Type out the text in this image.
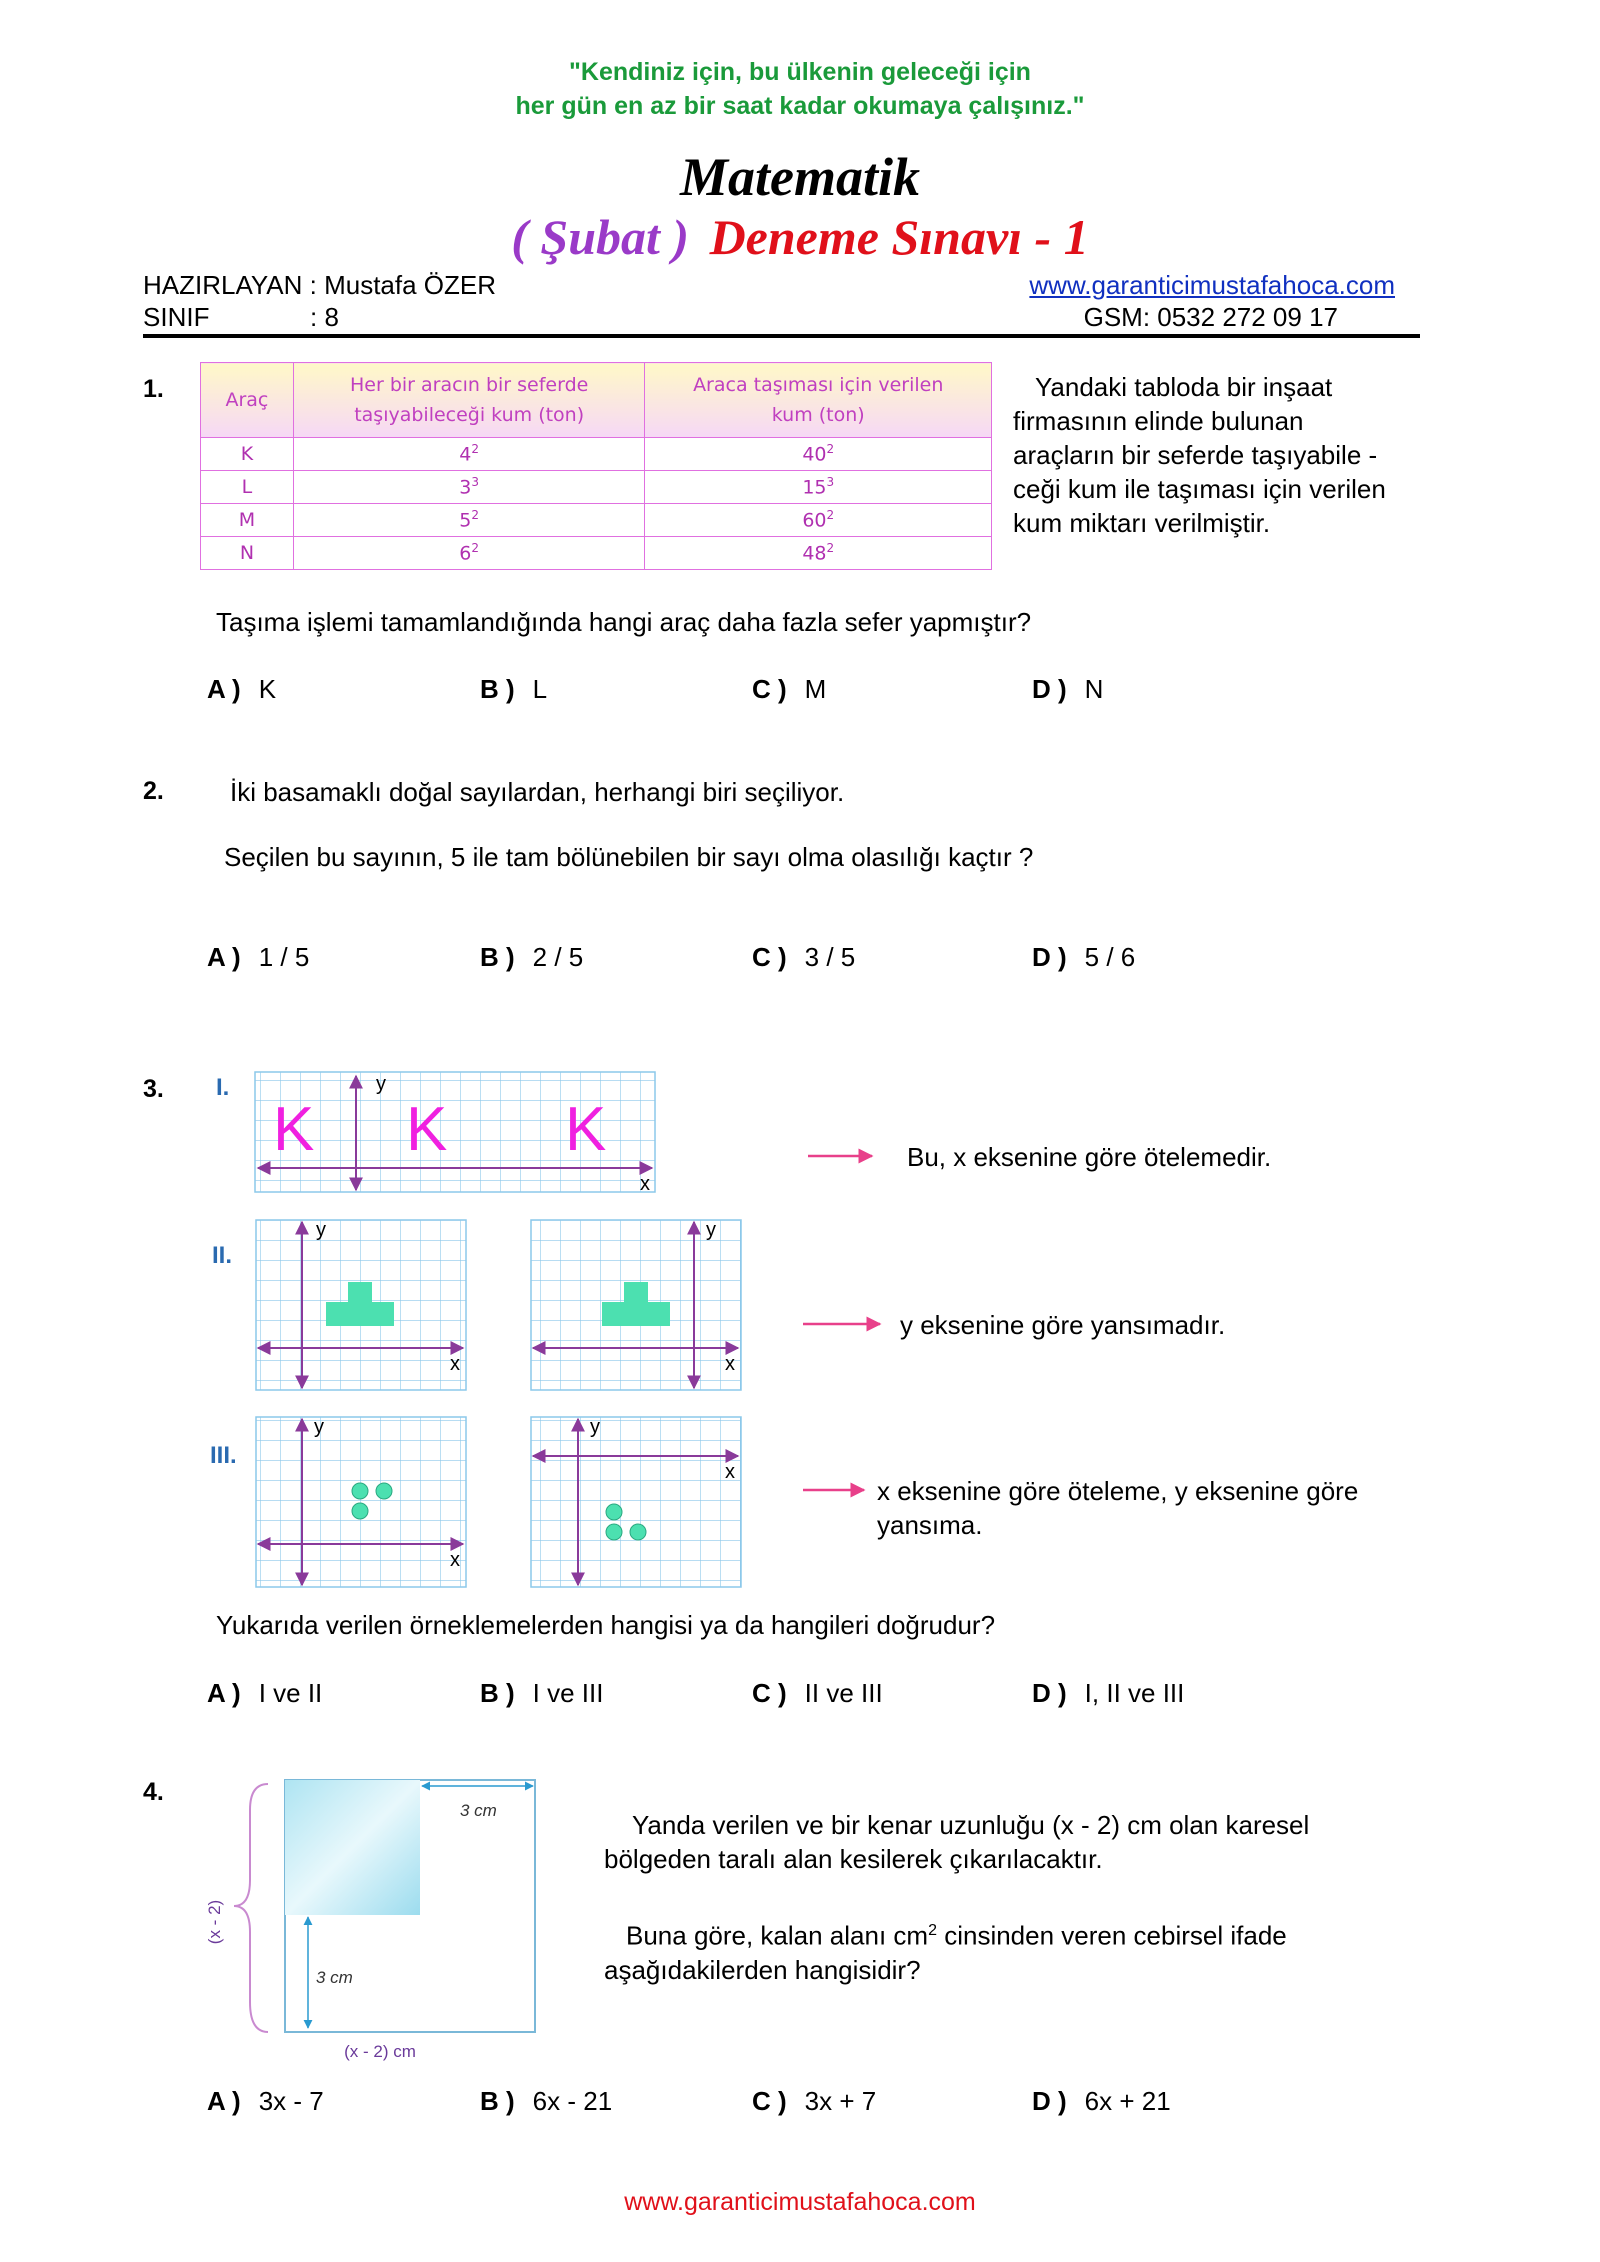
"Kendiniz için, bu ülkenin geleceği için
her gün en az bir saat kadar okumaya çalışınız."
Matematik
( Şubat ) Deneme Sınavı - 1
HAZIRLAYAN : Mustafa ÖZER
SINIF	: 8
www.garanticimustafahoca.com
GSM: 0532 272 09 17
1.	Araç	Her bir aracın bir seferde taşıyabileceği kum (ton)	Araca taşıması için verilen kum (ton)
K	$4^2$	$40^2$
L	$3^3$	$15^3$
M	$5^2$	$60^2$
N	$6^2$	$48^2$
Yandaki tabloda bir inşaat
firmasının elinde bulunan
araçların bir seferde taşıyabile -
ceği kum ile taşıması için verilen
kum miktarı verilmiştir.
Taşıma işlemi tamamlandığında hangi araç daha fazla sefer yapmıştır?
A ) K	B ) L	C ) M	D ) N
2.	İki basamaklı doğal sayılardan, herhangi biri seçiliyor.
Seçilen bu sayının, 5 ile tam bölünebilen bir sayı olma olasılığı kaçtır ?
A ) 1 / 5	B ) 2 / 5	C ) 3 / 5	D ) 5 / 6
3. I.
II.
III.
y
x
K K K
y
x
y
x
y
x
y
x
Bu, x eksenine göre ötelemedir.
y eksenine göre yansımadır.
x eksenine göre öteleme, y eksenine göre
yansıma.
Yukarıda verilen örneklemelerden hangisi ya da hangileri doğrudur?
A ) I ve II	B ) I ve III	C ) II ve III	D ) I, II ve III
4.
3 cm
3 cm
(x - 2)
(x - 2) cm
Yanda verilen ve bir kenar uzunluğu (x - 2) cm olan karesel
bölgeden taralı alan kesilerek çıkarılacaktır.
Buna göre, kalan alanı $cm^2$ cinsinden veren cebirsel ifade
aşağıdakilerden hangisidir?
A ) 3x - 7	B ) 6x - 21	C ) 3x + 7	D ) 6x + 21
www.garanticimustafahoca.com
